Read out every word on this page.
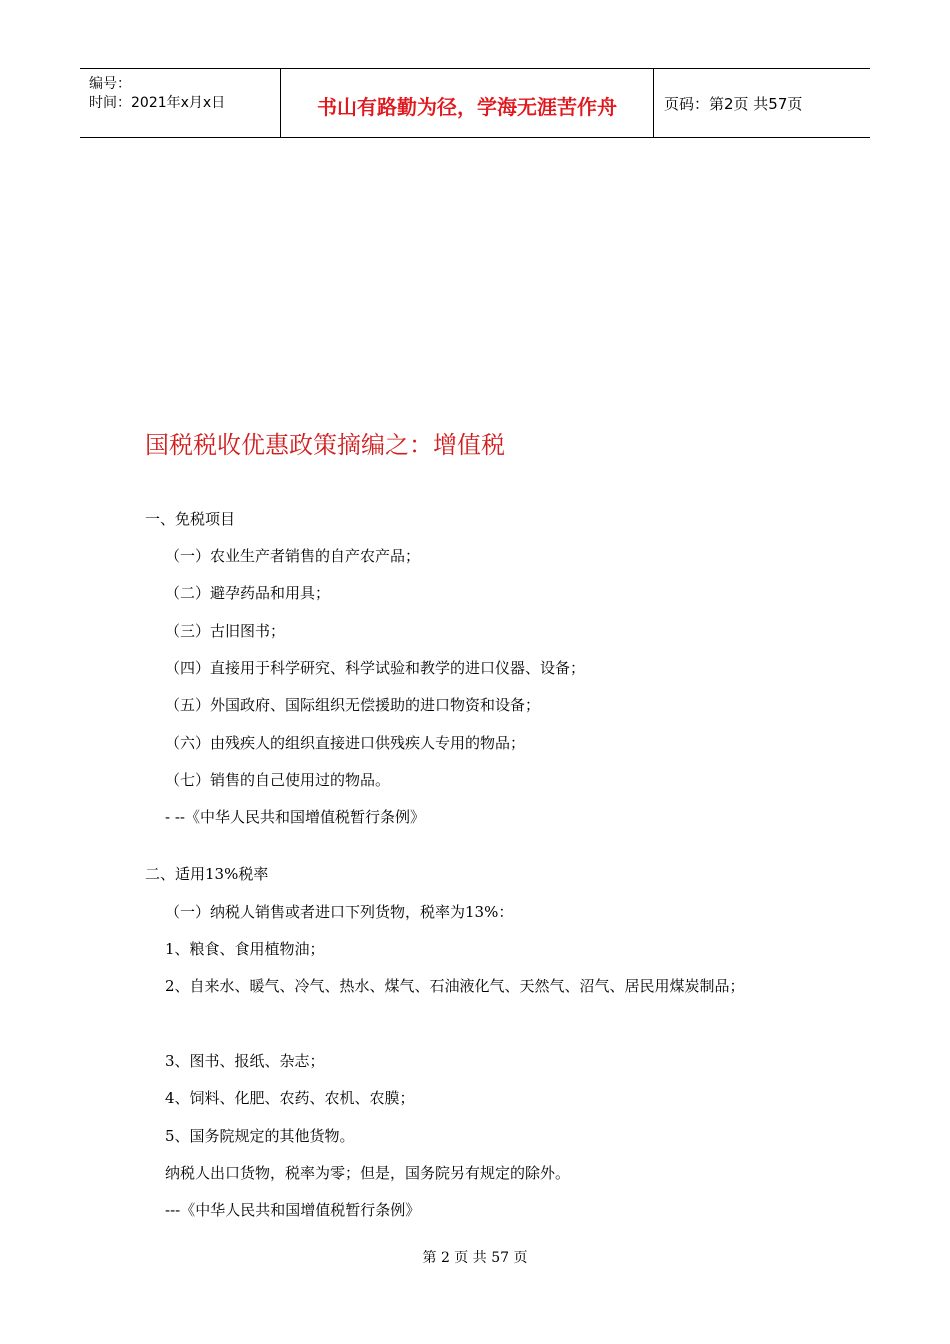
编号：
时间：2021年x月x日	书山有路勤为径，学海无涯苦作舟	页码：第2页 共57页
国税税收优惠政策摘编之：增值税
一、免税项目
（一）农业生产者销售的自产农产品；
（二）避孕药品和用具；
（三）古旧图书；
（四）直接用于科学研究、科学试验和教学的进口仪器、设备；
（五）外国政府、国际组织无偿援助的进口物资和设备；
（六）由残疾人的组织直接进口供残疾人专用的物品；
（七）销售的自己使用过的物品。
- --《中华人民共和国增值税暂行条例》
二、适用13%税率
（一）纳税人销售或者进口下列货物，税率为13%：
1、粮食、食用植物油；
2、自来水、暖气、冷气、热水、煤气、石油液化气、天然气、沼气、居民用煤炭制品；
3、图书、报纸、杂志；
4、饲料、化肥、农药、农机、农膜；
5、国务院规定的其他货物。
纳税人出口货物，税率为零；但是，国务院另有规定的除外。
---《中华人民共和国增值税暂行条例》
第 2 页 共 57 页
